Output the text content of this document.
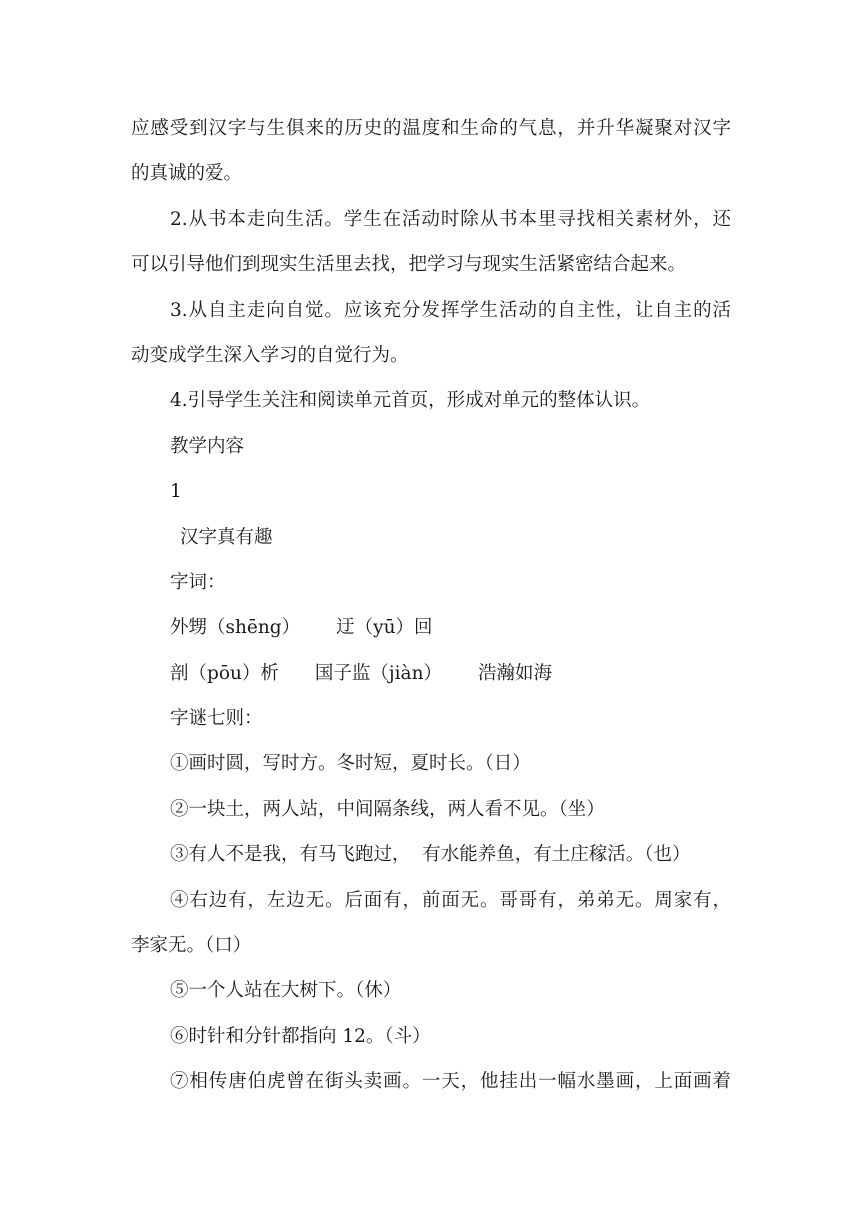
应感受到汉字与生俱来的历史的温度和生命的气息，并升华凝聚对汉字
的真诚的爱。
2.从书本走向生活。学生在活动时除从书本里寻找相关素材外，还
可以引导他们到现实生活里去找，把学习与现实生活紧密结合起来。
3.从自主走向自觉。应该充分发挥学生活动的自主性，让自主的活
动变成学生深入学习的自觉行为。
4.引导学生关注和阅读单元首页，形成对单元的整体认识。
教学内容
1
汉字真有趣
字词：
外甥（shēng） 迂（yū）回
剖（pōu）析 国子监（jiàn） 浩瀚如海
字谜七则：
①画时圆，写时方。冬时短，夏时长。（日）
②一块土，两人站，中间隔条线，两人看不见。（坐）
③有人不是我，有马飞跑过，  有水能养鱼，有土庄稼活。（也）
④右边有，左边无。后面有，前面无。哥哥有，弟弟无。周家有，
李家无。（口）
⑤一个人站在大树下。（休）
⑥时针和分针都指向 12。（斗）
⑦相传唐伯虎曾在街头卖画。一天，他挂出一幅水墨画，上面画着
